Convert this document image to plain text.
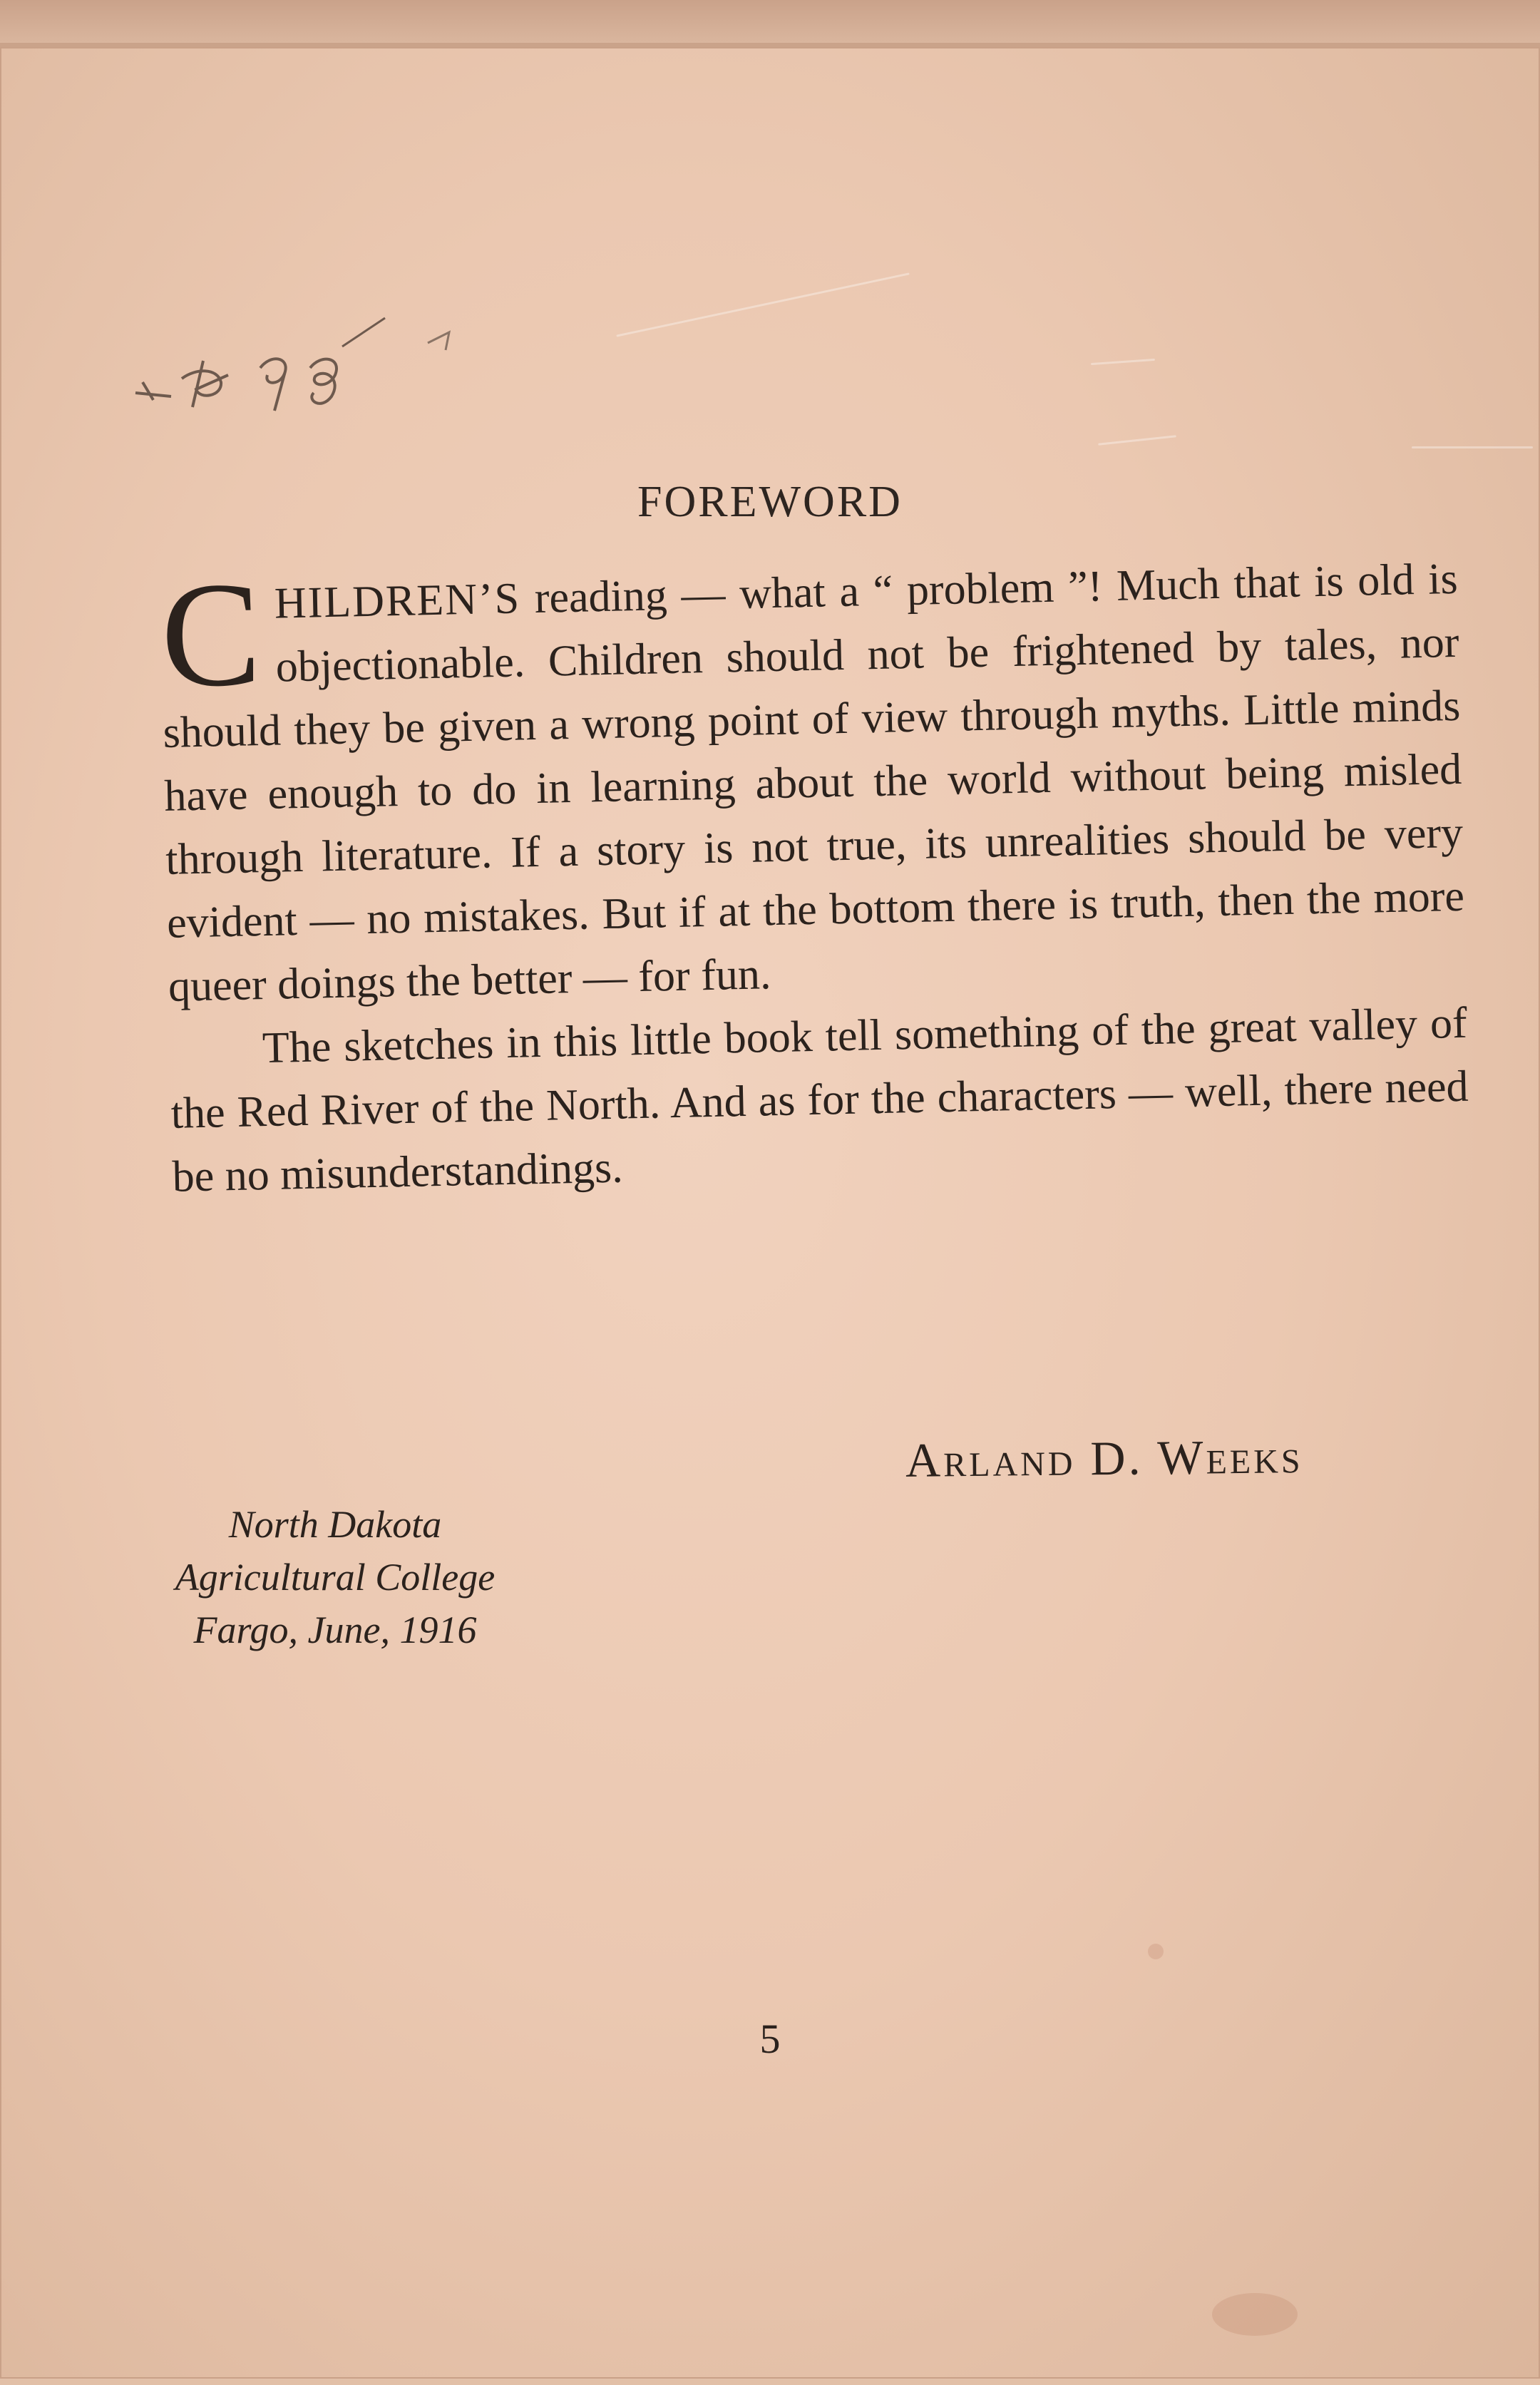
FOREWORD

CHILDREN’S reading — what a “ problem ”! Much that is old is objectionable. Children should not be frightened by tales, nor should they be given a wrong point of view through myths. Little minds have enough to do in learning about the world without being misled through literature. If a story is not true, its unrealities should be very evident — no mistakes. But if at the bottom there is truth, then the more queer doings the better — for fun.

The sketches in this little book tell something of the great valley of the Red River of the North. And as for the characters — well, there need be no misunderstandings.

Arland D. Weeks
North Dakota
Agricultural College
Fargo, June, 1916
5
